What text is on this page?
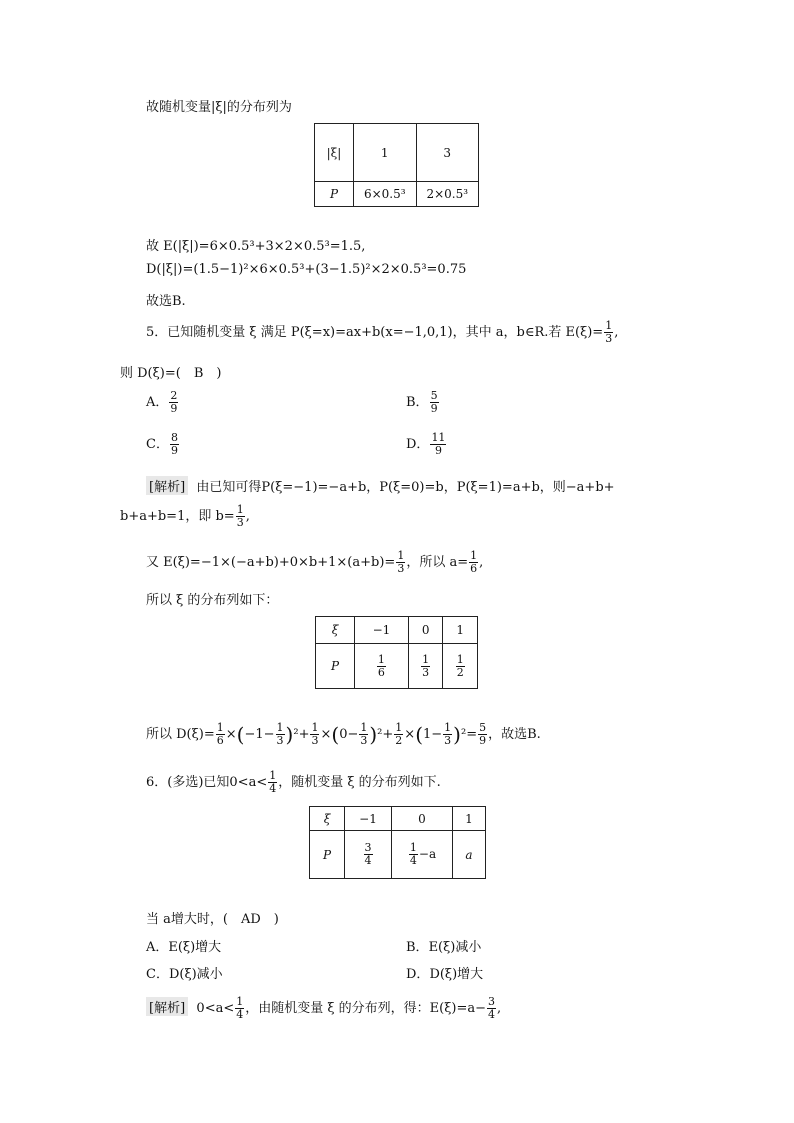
故随机变量|ξ|的分布列为
|ξ|	1	3
P	6×0.5³	2×0.5³
故 E(|ξ|)=6×0.5³+3×2×0.5³=1.5,
D(|ξ|)=(1.5−1)²×6×0.5³+(3−1.5)²×2×0.5³=0.75
故选B.
5．已知随机变量 ξ 满足 P(ξ=x)=ax+b(x=−1,0,1)，其中 a，b∈R.若 $E(\xi)= \frac{1}{3}$ ,
则 D(ξ)=(　B　)
A． $\frac{2}{9}$	B． $\frac{5}{9}$
C． $\frac{8}{9}$	D． $\frac{11}{9}$
[解析] 由已知可得P(ξ=−1)=−a+b，P(ξ=0)=b，P(ξ=1)=a+b，则−a+b+
b+a+b=1，即 $b= \frac{1}{3}$ ,
又 $E(\xi)=-1\times(-a+b)+0\times b+1\times(a+b)= \frac{1}{3}$ ，所以 $a= \frac{1}{6}$ ,
所以 ξ 的分布列如下：
ξ	−1	0	1
P	$\frac{1}{6}$	$\frac{1}{3}$	$\frac{1}{2}$
所以 $D(\xi)= \frac{1}{6} \times(-1- \frac{1}{3} )^2+ \frac{1}{3} \times(0- \frac{1}{3} )^2+ \frac{1}{2} \times(1- \frac{1}{3} )^2= \frac{5}{9}$ ，故选B.
6．(多选)已知$0<a< \frac{1}{4}$ ，随机变量 ξ 的分布列如下.
ξ	−1	0	1
P	$\frac{3}{4}$	$\frac{1}{4} -a$	a
当 a增大时，(　AD　)
A．E(ξ)增大	B．E(ξ)减小
C．D(ξ)减小	D．D(ξ)增大
[解析] $0<a< \frac{1}{4}$ ，由随机变量 ξ 的分布列，得：$E(\xi)=a- \frac{3}{4}$ ,
